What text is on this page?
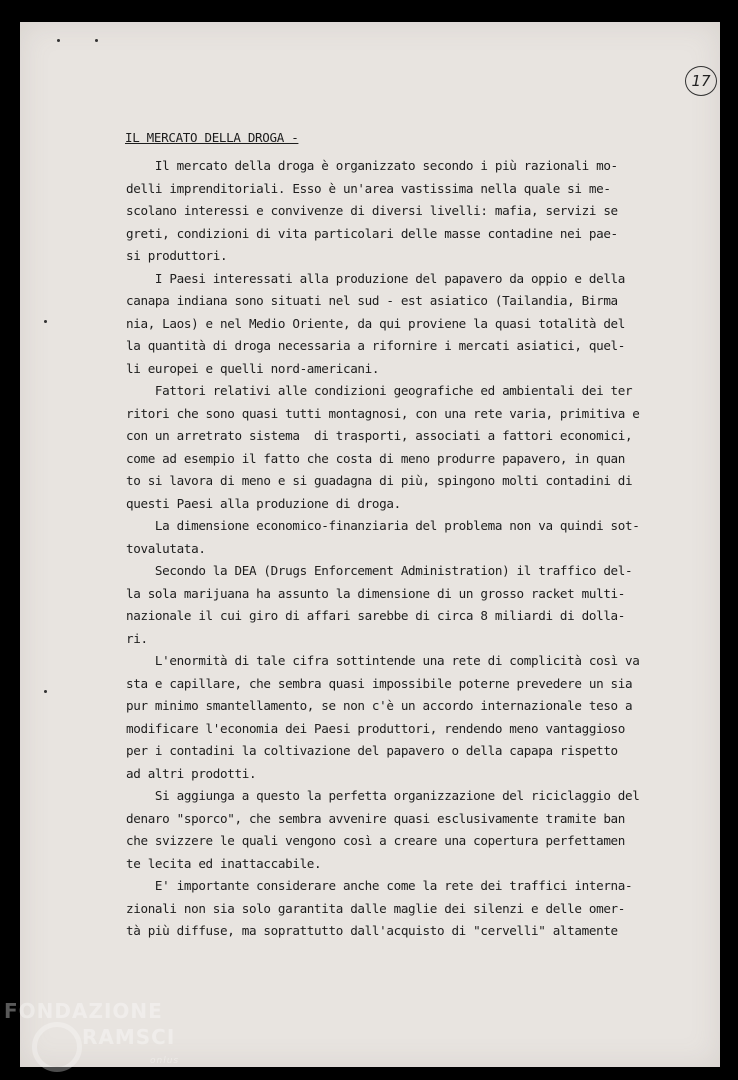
17
IL MERCATO DELLA DROGA -
Il mercato della droga è organizzato secondo i più razionali mo-
delli imprenditoriali. Esso è un'area vastissima nella quale si me-
scolano interessi e convivenze di diversi livelli: mafia, servizi se
greti, condizioni di vita particolari delle masse contadine nei pae-
si produttori.
I Paesi interessati alla produzione del papavero da oppio e della
canapa indiana sono situati nel sud - est asiatico (Tailandia, Birma
nia, Laos) e nel Medio Oriente, da qui proviene la quasi totalità del
la quantità di droga necessaria a rifornire i mercati asiatici, quel-
li europei e quelli nord-americani.
Fattori relativi alle condizioni geografiche ed ambientali dei ter
ritori che sono quasi tutti montagnosi, con una rete varia, primitiva e
con un arretrato sistema  di trasporti, associati a fattori economici,
come ad esempio il fatto che costa di meno produrre papavero, in quan
to si lavora di meno e si guadagna di più, spingono molti contadini di
questi Paesi alla produzione di droga.
La dimensione economico-finanziaria del problema non va quindi sot-
tovalutata.
Secondo la DEA (Drugs Enforcement Administration) il traffico del-
la sola marijuana ha assunto la dimensione di un grosso racket multi-
nazionale il cui giro di affari sarebbe di circa 8 miliardi di dolla-
ri.
L'enormità di tale cifra sottintende una rete di complicità così va
sta e capillare, che sembra quasi impossibile poterne prevedere un sia
pur minimo smantellamento, se non c'è un accordo internazionale teso a
modificare l'economia dei Paesi produttori, rendendo meno vantaggioso
per i contadini la coltivazione del papavero o della capapa rispetto
ad altri prodotti.
Si aggiunga a questo la perfetta organizzazione del riciclaggio del
denaro "sporco", che sembra avvenire quasi esclusivamente tramite ban
che svizzere le quali vengono così a creare una copertura perfettamen
te lecita ed inattaccabile.
E' importante considerare anche come la rete dei traffici interna-
zionali non sia solo garantita dalle maglie dei silenzi e delle omer-
tà più diffuse, ma soprattutto dall'acquisto di "cervelli" altamente
FONDAZIONE
RAMSCI
onlus
